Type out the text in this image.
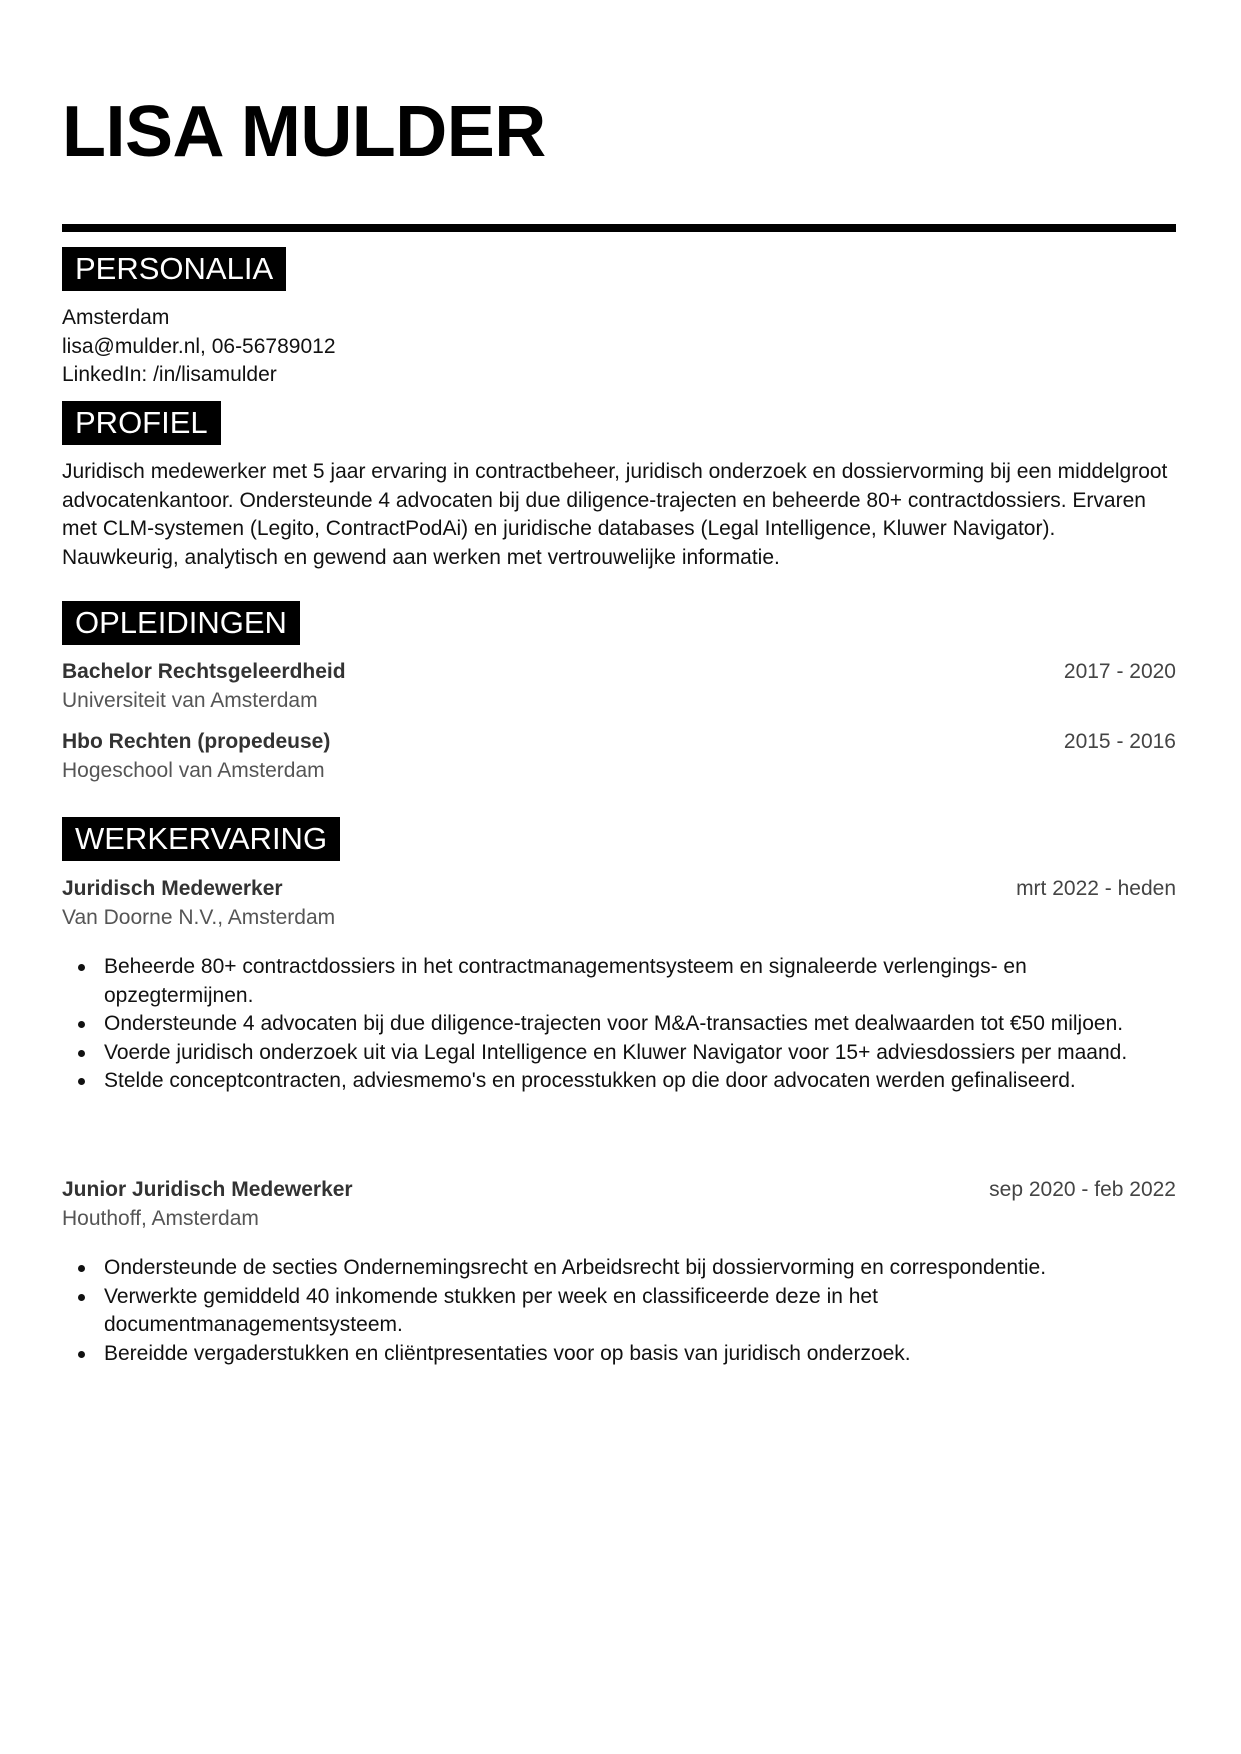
LISA MULDER
PERSONALIA
Amsterdam
lisa@mulder.nl, 06-56789012
LinkedIn: /in/lisamulder
PROFIEL

Juridisch medewerker met 5 jaar ervaring in contractbeheer, juridisch onderzoek en dossiervorming bij een middelgroot advocatenkantoor. Ondersteunde 4 advocaten bij due diligence-trajecten en beheerde 80+ contractdossiers. Ervaren met CLM-systemen (Legito, ContractPodAi) en juridische databases (Legal Intelligence, Kluwer Navigator). Nauwkeurig, analytisch en gewend aan werken met vertrouwelijke informatie.

OPLEIDINGEN
Bachelor Rechtsgeleerdheid	2017 - 2020
Universiteit van Amsterdam
Hbo Rechten (propedeuse)	2015 - 2016
Hogeschool van Amsterdam
WERKERVARING
Juridisch Medewerker	mrt 2022 - heden
Van Doorne N.V., Amsterdam
Beheerde 80+ contractdossiers in het contractmanagementsysteem en signaleerde verlengings- en opzegtermijnen.
Ondersteunde 4 advocaten bij due diligence-trajecten voor M&A-transacties met dealwaarden tot €50 miljoen.
Voerde juridisch onderzoek uit via Legal Intelligence en Kluwer Navigator voor 15+ adviesdossiers per maand.
Stelde conceptcontracten, adviesmemo's en processtukken op die door advocaten werden gefinaliseerd.
Junior Juridisch Medewerker	sep 2020 - feb 2022
Houthoff, Amsterdam
Ondersteunde de secties Ondernemingsrecht en Arbeidsrecht bij dossiervorming en correspondentie.
Verwerkte gemiddeld 40 inkomende stukken per week en classificeerde deze in het documentmanagementsysteem.
Bereidde vergaderstukken en cliëntpresentaties voor op basis van juridisch onderzoek.
